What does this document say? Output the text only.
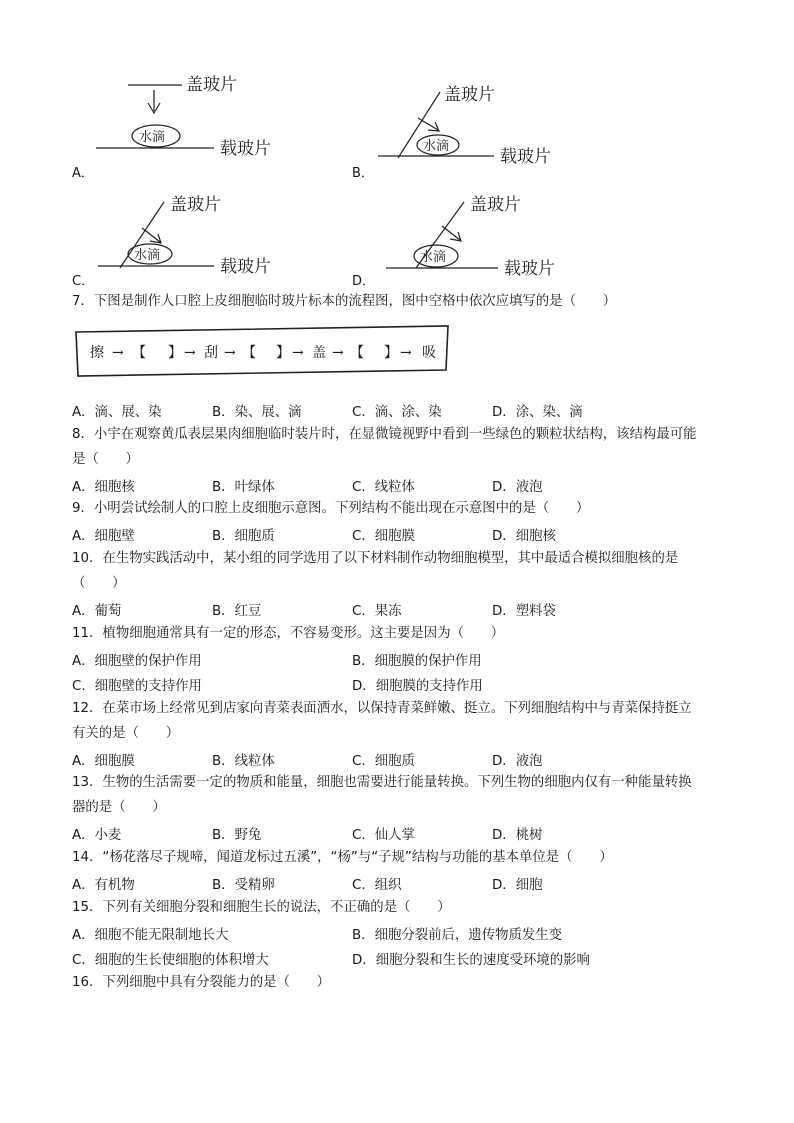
水滴
盖玻片
载玻片
A．
水滴
盖玻片
载玻片
B．
水滴
盖玻片
载玻片
C．
水滴
盖玻片
载玻片
D．
7．下图是制作人口腔上皮细胞临时玻片标本的流程图，图中空格中依次应填写的是（　　）
擦 → 【 】 → 刮 → 【 】 → 盖 → 【 】 → 吸
A．滴、展、染	B．染、展、滴	C．滴、涂、染	D．涂、染、滴
8．小宇在观察黄瓜表层果肉细胞临时装片时，在显微镜视野中看到一些绿色的颗粒状结构，该结构最可能
是（　　）
A．细胞核	B．叶绿体	C．线粒体	D．液泡
9．小明尝试绘制人的口腔上皮细胞示意图。下列结构不能出现在示意图中的是（　　）
A．细胞壁	B．细胞质	C．细胞膜	D．细胞核
10．在生物实践活动中，某小组的同学选用了以下材料制作动物细胞模型，其中最适合模拟细胞核的是
（　　）
A．葡萄	B．红豆	C．果冻	D．塑料袋
11．植物细胞通常具有一定的形态，不容易变形。这主要是因为（　　）
A．细胞壁的保护作用	B．细胞膜的保护作用
C．细胞壁的支持作用	D．细胞膜的支持作用
12．在菜市场上经常见到店家向青菜表面洒水，以保持青菜鲜嫩、挺立。下列细胞结构中与青菜保持挺立
有关的是（　　）
A．细胞膜	B．线粒体	C．细胞质	D．液泡
13．生物的生活需要一定的物质和能量，细胞也需要进行能量转换。下列生物的细胞内仅有一种能量转换
器的是（　　）
A．小麦	B．野兔	C．仙人掌	D．桃树
14．“杨花落尽子规啼，闻道龙标过五溪”，“杨”与“子规”结构与功能的基本单位是（　　）
A．有机物	B．受精卵	C．组织	D．细胞
15．下列有关细胞分裂和细胞生长的说法，不正确的是（　　）
A．细胞不能无限制地长大	B．细胞分裂前后，遗传物质发生变
C．细胞的生长使细胞的体积增大	D．细胞分裂和生长的速度受环境的影响
16．下列细胞中具有分裂能力的是（　　）
